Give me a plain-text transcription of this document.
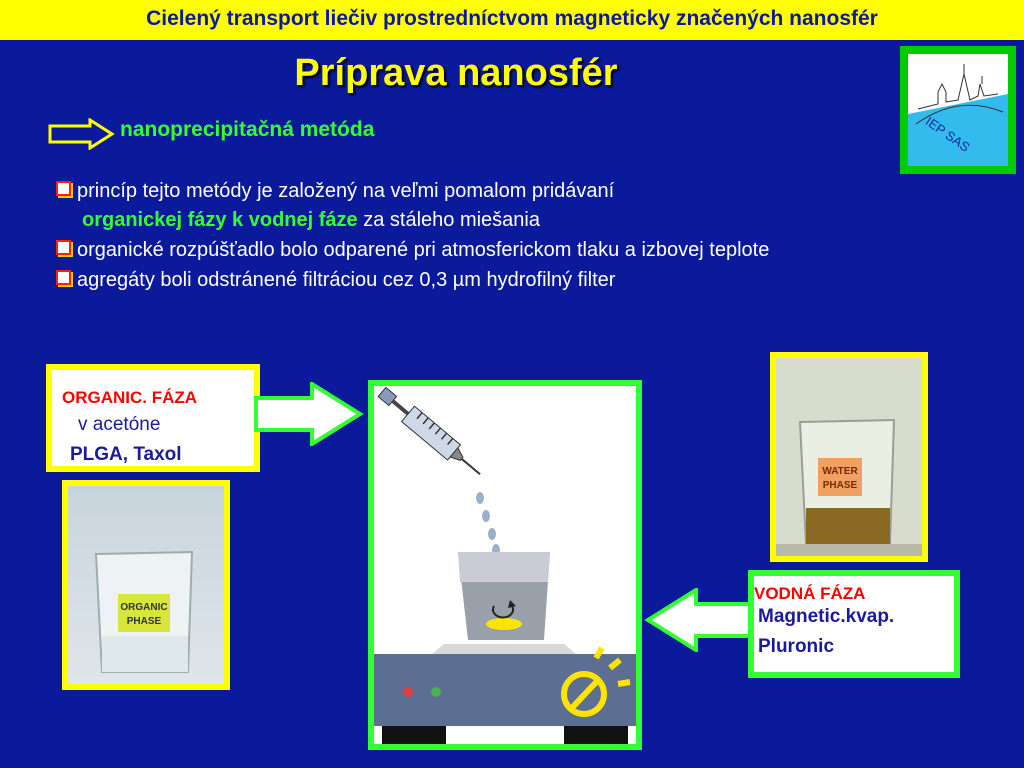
Cielený transport liečiv prostredníctvom magneticky značených nanosfér
Príprava nanosfér
IEP SAS
nanoprecipitačná metóda
princíp tejto metódy je založený na veľmi pomalom pridávaní
organickej fázy k vodnej fáze za stáleho miešania
organické rozpúšťadlo bolo odparené pri atmosferickom tlaku a izbovej teplote
agregáty boli odstránené filtráciou cez 0,3 µm hydrofilný filter
ORGANIC. FÁZA
v acetóne
PLGA, Taxol
ORGANIC
PHASE
WATER
PHASE
VODNÁ FÁZA
Magnetic.kvap.
Pluronic
